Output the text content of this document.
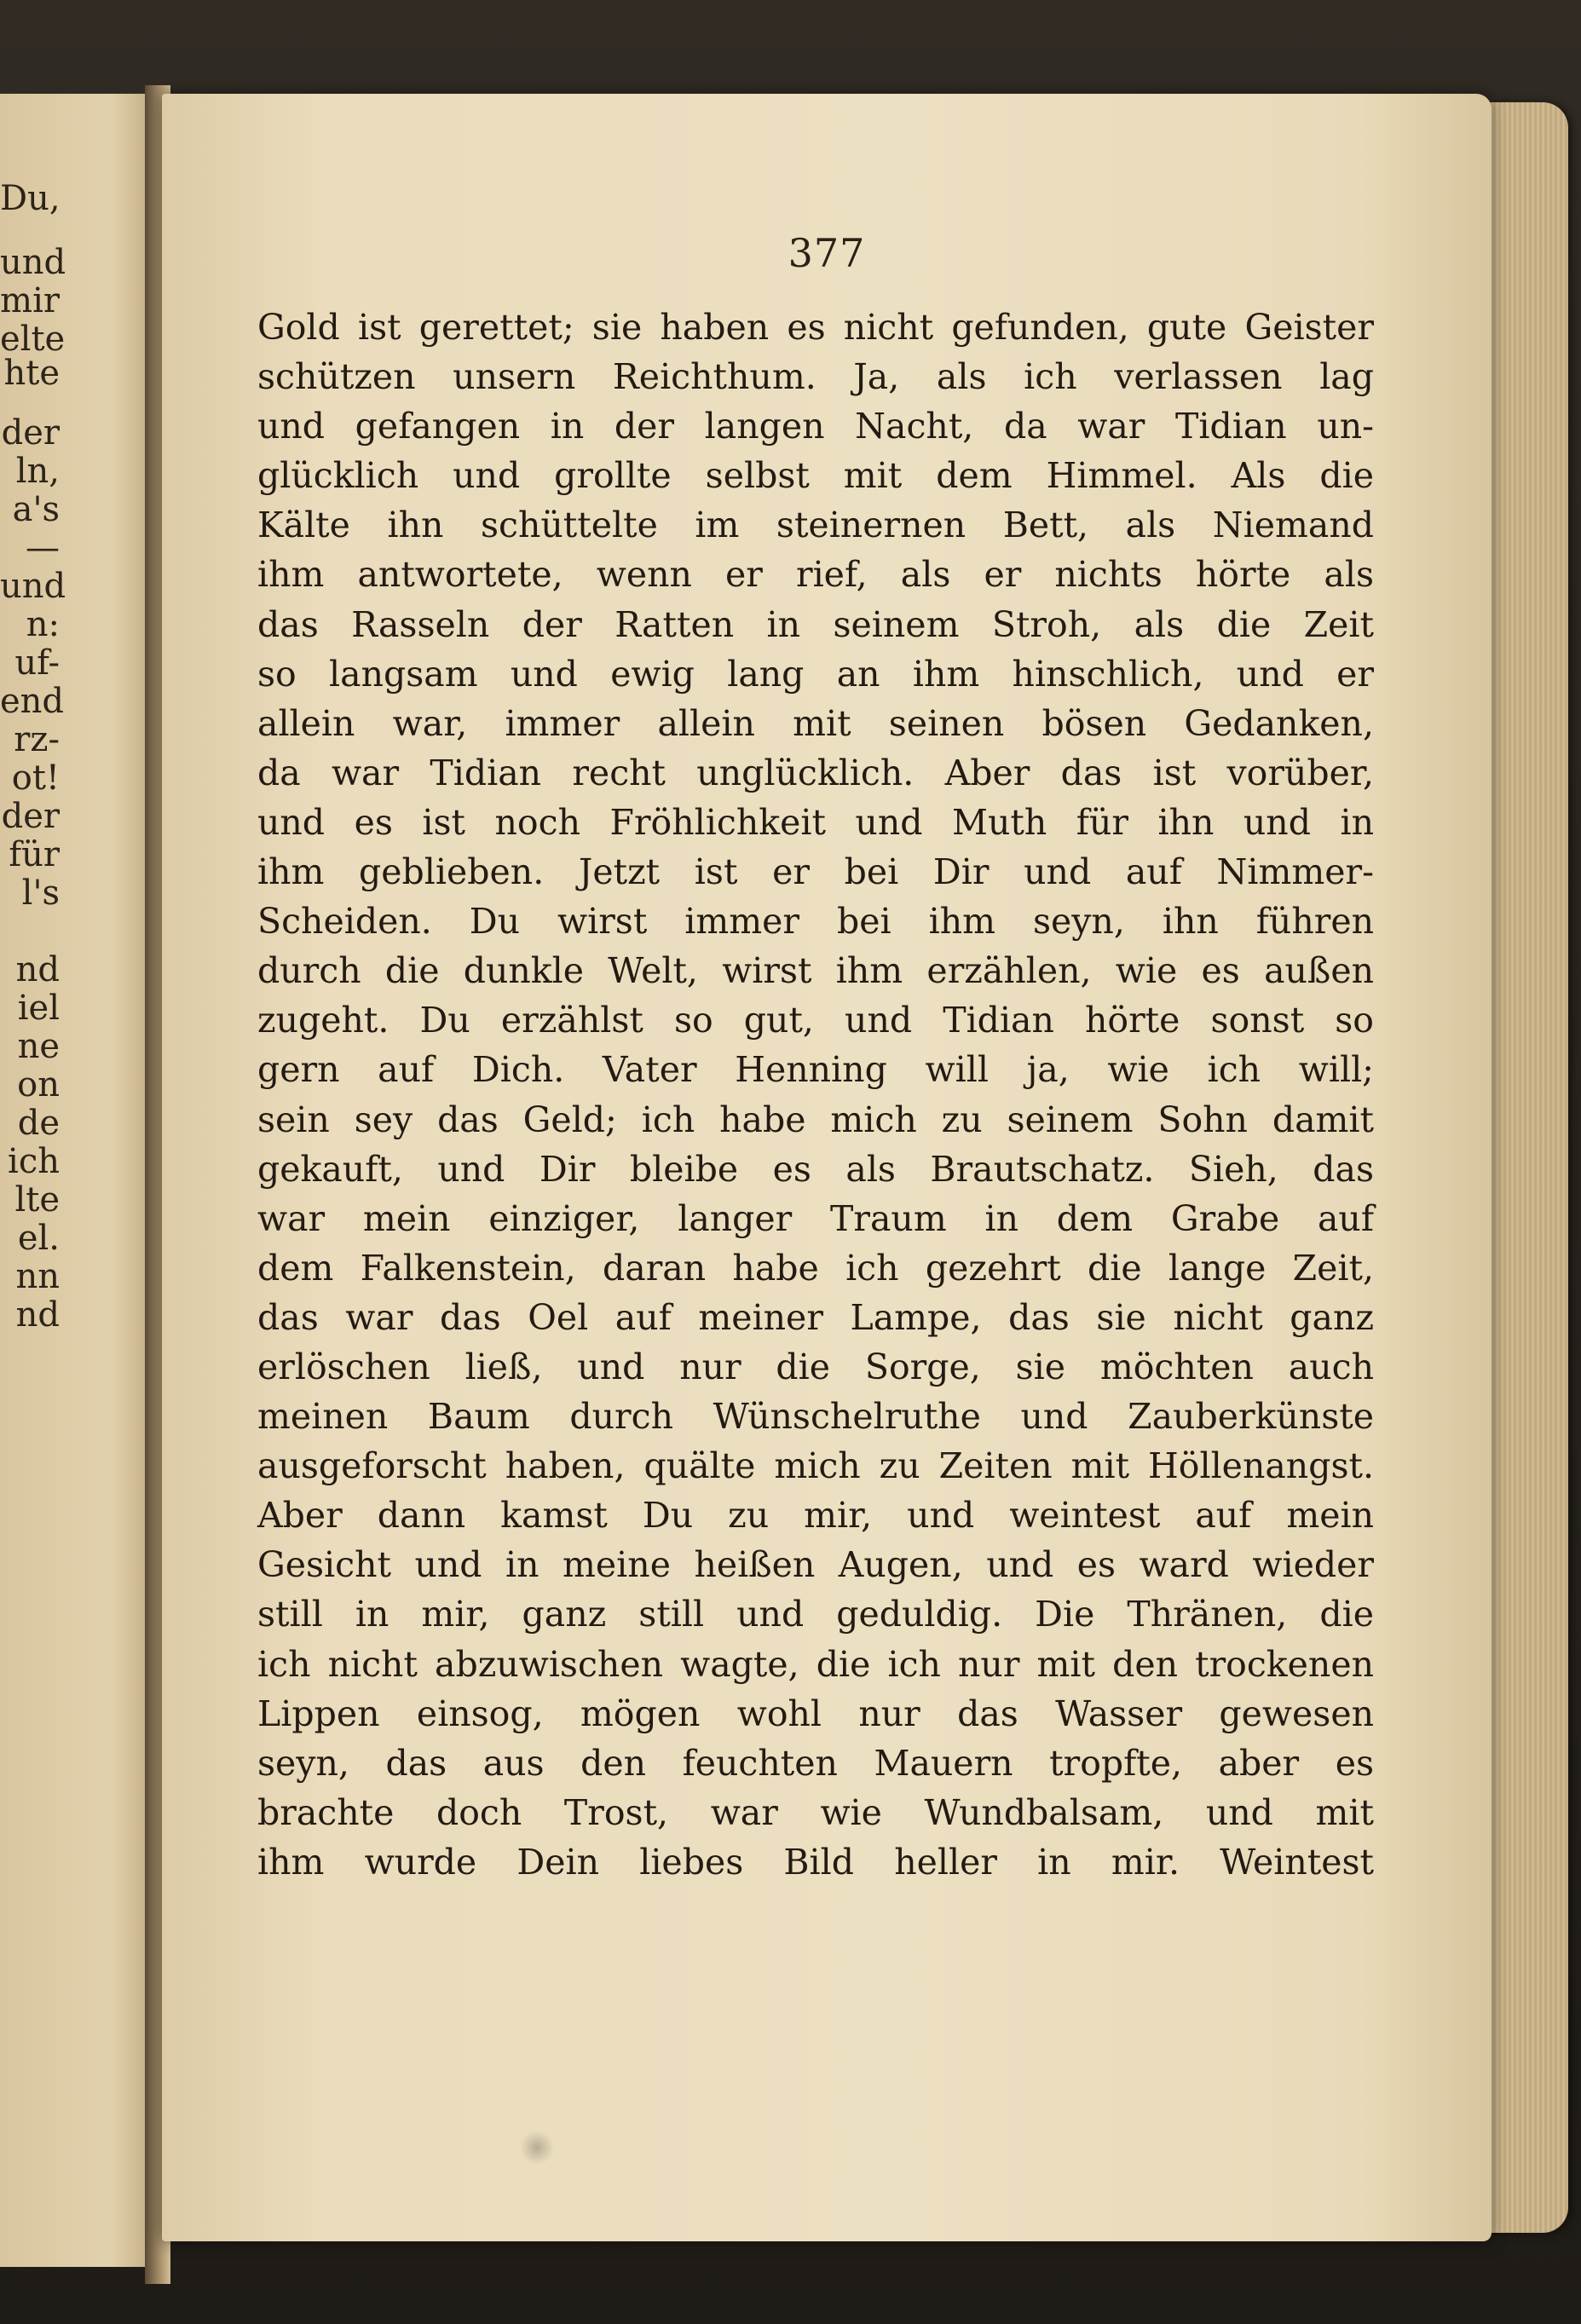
Du,
und
mir
elte
hte
der
ln,
a's
—
und
n:
uf-
end
rz-
ot!
der
für
l's
nd
iel
ne
on
de
ich
lte
el.
nn
nd
377
Gold ist gerettet; sie haben es nicht gefunden, gute Geister
schützen unsern Reichthum. Ja, als ich verlassen lag
und gefangen in der langen Nacht, da war Tidian un-
glücklich und grollte selbst mit dem Himmel. Als die
Kälte ihn schüttelte im steinernen Bett, als Niemand
ihm antwortete, wenn er rief, als er nichts hörte als
das Rasseln der Ratten in seinem Stroh, als die Zeit
so langsam und ewig lang an ihm hinschlich, und er
allein war, immer allein mit seinen bösen Gedanken,
da war Tidian recht unglücklich. Aber das ist vorüber,
und es ist noch Fröhlichkeit und Muth für ihn und in
ihm geblieben. Jetzt ist er bei Dir und auf Nimmer-
Scheiden. Du wirst immer bei ihm seyn, ihn führen
durch die dunkle Welt, wirst ihm erzählen, wie es außen
zugeht. Du erzählst so gut, und Tidian hörte sonst so
gern auf Dich. Vater Henning will ja, wie ich will;
sein sey das Geld; ich habe mich zu seinem Sohn damit
gekauft, und Dir bleibe es als Brautschatz. Sieh, das
war mein einziger, langer Traum in dem Grabe auf
dem Falkenstein, daran habe ich gezehrt die lange Zeit,
das war das Oel auf meiner Lampe, das sie nicht ganz
erlöschen ließ, und nur die Sorge, sie möchten auch
meinen Baum durch Wünschelruthe und Zauberkünste
ausgeforscht haben, quälte mich zu Zeiten mit Höllenangst.
Aber dann kamst Du zu mir, und weintest auf mein
Gesicht und in meine heißen Augen, und es ward wieder
still in mir, ganz still und geduldig. Die Thränen, die
ich nicht abzuwischen wagte, die ich nur mit den trockenen
Lippen einsog, mögen wohl nur das Wasser gewesen
seyn, das aus den feuchten Mauern tropfte, aber es
brachte doch Trost, war wie Wundbalsam, und mit
ihm wurde Dein liebes Bild heller in mir. Weintest
